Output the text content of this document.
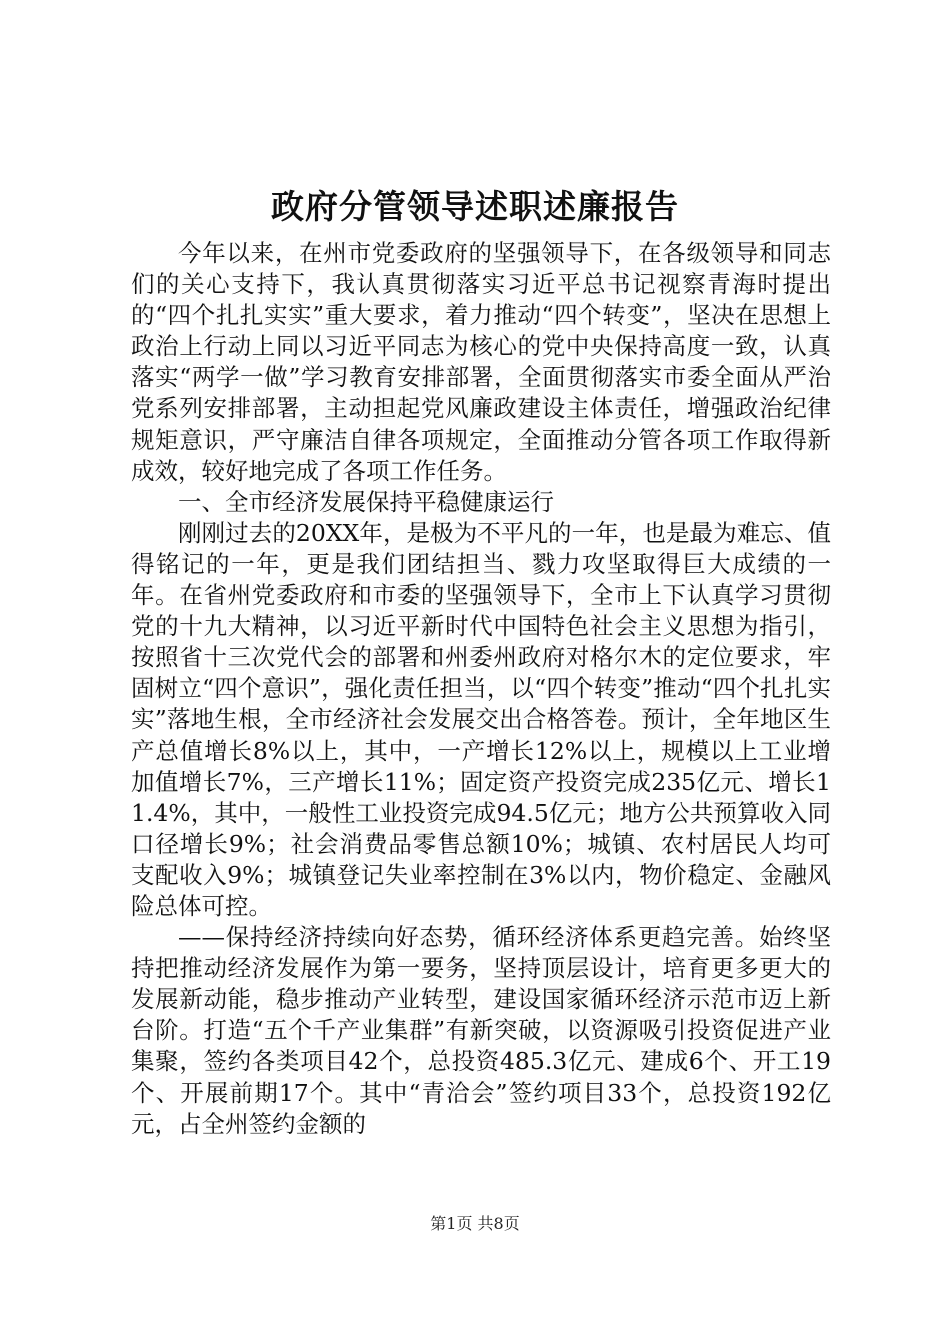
政府分管领导述职述廉报告

今年以来，在州市党委政府的坚强领导下，在各级领导和同志们的关心支持下，我认真贯彻落实习近平总书记视察青海时提出的“四个扎扎实实”重大要求，着力推动“四个转变”，坚决在思想上政治上行动上同以习近平同志为核心的党中央保持高度一致，认真落实“两学一做”学习教育安排部署，全面贯彻落实市委全面从严治党系列安排部署，主动担起党风廉政建设主体责任，增强政治纪律规矩意识，严守廉洁自律各项规定，全面推动分管各项工作取得新成效，较好地完成了各项工作任务。

一、全市经济发展保持平稳健康运行

刚刚过去的20XX年，是极为不平凡的一年，也是最为难忘、值得铭记的一年，更是我们团结担当、戮力攻坚取得巨大成绩的一年。在省州党委政府和市委的坚强领导下，全市上下认真学习贯彻党的十九大精神，以习近平新时代中国特色社会主义思想为指引，按照省十三次党代会的部署和州委州政府对格尔木的定位要求，牢固树立“四个意识”，强化责任担当，以“四个转变”推动“四个扎扎实实”落地生根，全市经济社会发展交出合格答卷。预计，全年地区生产总值增长8%以上，其中，一产增长12%以上，规模以上工业增加值增长7%，三产增长11%；固定资产投资完成235亿元、增长11.4%，其中，一般性工业投资完成94.5亿元；地方公共预算收入同口径增长9%；社会消费品零售总额10%；城镇、农村居民人均可支配收入9%；城镇登记失业率控制在3%以内，物价稳定、金融风险总体可控。

——保持经济持续向好态势，循环经济体系更趋完善。始终坚持把推动经济发展作为第一要务，坚持顶层设计，培育更多更大的发展新动能，稳步推动产业转型，建设国家循环经济示范市迈上新台阶。打造“五个千产业集群”有新突破，以资源吸引投资促进产业集聚，签约各类项目42个，总投资485.3亿元、建成6个、开工19个、开展前期17个。其中“青洽会”签约项目33个，总投资192亿元，占全州签约金额的

第1页 共8页
